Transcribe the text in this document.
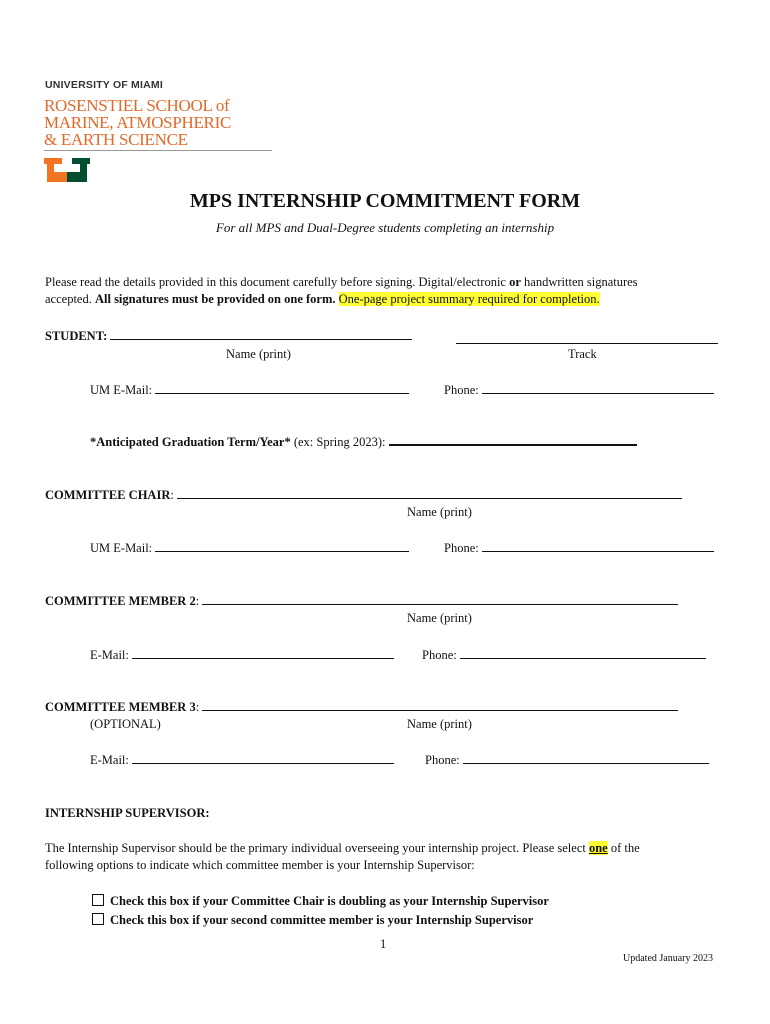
UNIVERSITY OF MIAMI
ROSENSTIEL SCHOOL of
MARINE, ATMOSPHERIC
& EARTH SCIENCE
MPS INTERNSHIP COMMITMENT FORM
For all MPS and Dual-Degree students completing an internship
Please read the details provided in this document carefully before signing. Digital/electronic or handwritten signatures
accepted. All signatures must be provided on one form. One-page project summary required for completion.
STUDENT:
Name (print)	Track
UM E-Mail:	Phone:
*Anticipated Graduation Term/Year* (ex: Spring 2023):
COMMITTEE CHAIR:
Name (print)
UM E-Mail:	Phone:
COMMITTEE MEMBER 2:
Name (print)
E-Mail:	Phone:
COMMITTEE MEMBER 3:
(OPTIONAL)	Name (print)
E-Mail:	Phone:
INTERNSHIP SUPERVISOR:
The Internship Supervisor should be the primary individual overseeing your internship project. Please select one of the
following options to indicate which committee member is your Internship Supervisor:
Check this box if your Committee Chair is doubling as your Internship Supervisor
Check this box if your second committee member is your Internship Supervisor
1
Updated January 2023
